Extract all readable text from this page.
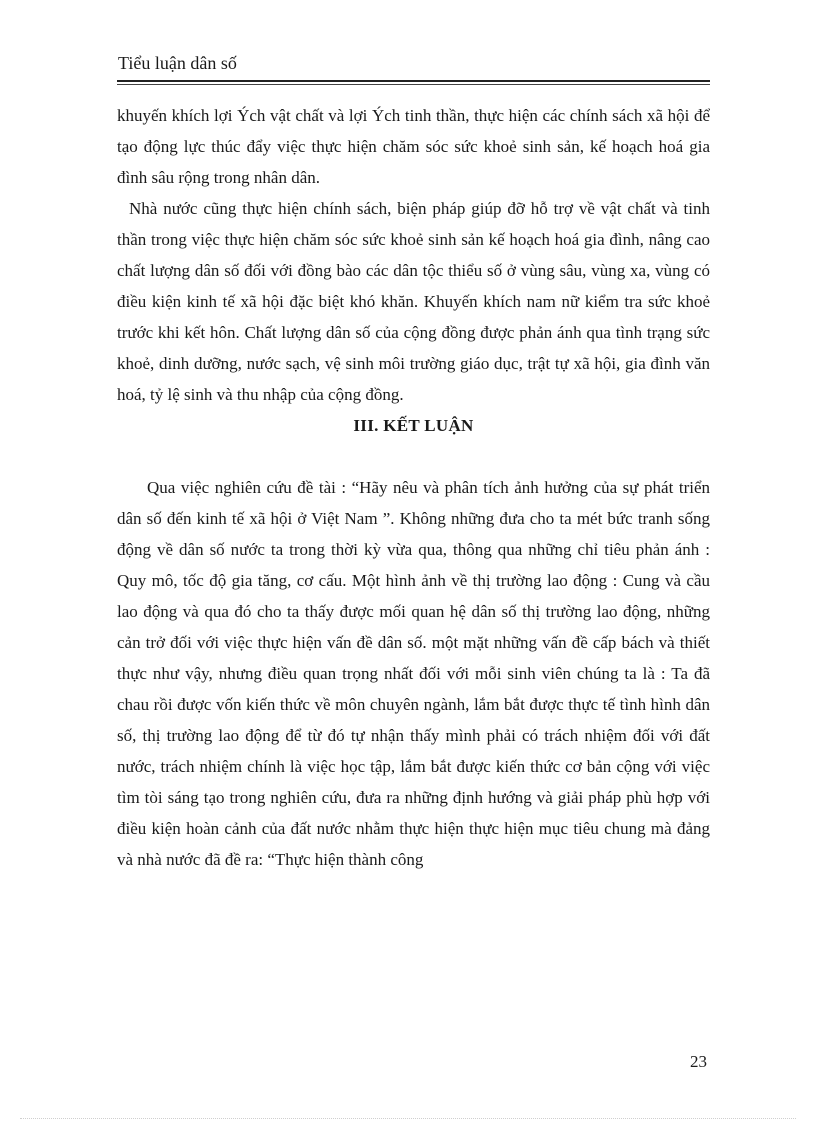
Tiểu luận dân số

khuyến khích lợi Ých vật chất và lợi Ých tinh thần, thực hiện các chính sách xã hội để tạo động lực thúc đẩy việc thực hiện chăm sóc sức khoẻ sinh sản, kế hoạch hoá gia đình sâu rộng trong nhân dân.

Nhà nước cũng thực hiện chính sách, biện pháp giúp đỡ hỗ trợ về vật chất và tinh thần trong việc thực hiện chăm sóc sức khoẻ sinh sản kế hoạch hoá gia đình, nâng cao chất lượng dân số đối với đồng bào các dân tộc thiểu số ở vùng sâu, vùng xa, vùng có điều kiện kinh tế xã hội đặc biệt khó khăn. Khuyến khích nam nữ kiểm tra sức khoẻ trước khi kết hôn. Chất lượng dân số của cộng đồng được phản ánh qua tình trạng sức khoẻ, dinh dưỡng, nước sạch, vệ sinh môi trường giáo dục, trật tự xã hội, gia đình văn hoá, tỷ lệ sinh và thu nhập của cộng đồng.

III. KẾT LUẬN

Qua việc nghiên cứu đề tài : “Hãy nêu và phân tích ảnh hưởng của sự phát triển dân số đến kinh tế xã hội ở Việt Nam ”. Không những đưa cho ta mét bức tranh sống động về dân số nước ta trong thời kỳ vừa qua, thông qua những chỉ tiêu phản ánh : Quy mô, tốc độ gia tăng, cơ cấu. Một hình ảnh về thị trường lao động : Cung và cầu lao động và qua đó cho ta thấy được mối quan hệ dân số thị trường lao động, những cản trở đối với việc thực hiện vấn đề dân số. một mặt những vấn đề cấp bách và thiết thực như vậy, nhưng điều quan trọng nhất đối với mỗi sinh viên chúng ta là : Ta đã chau rồi được vốn kiến thức về môn chuyên ngành, lắm bắt được thực tế tình hình dân số, thị trường lao động để từ đó tự nhận thấy mình phải có trách nhiệm đối với đất nước, trách nhiệm chính là việc học tập, lắm bắt được kiến thức cơ bản cộng với việc tìm tòi sáng tạo trong nghiên cứu, đưa ra những định hướng và giải pháp phù hợp với điều kiện hoàn cảnh của đất nước nhằm thực hiện thực hiện mục tiêu chung mà đảng và nhà nước đã đề ra: “Thực hiện thành công

23
